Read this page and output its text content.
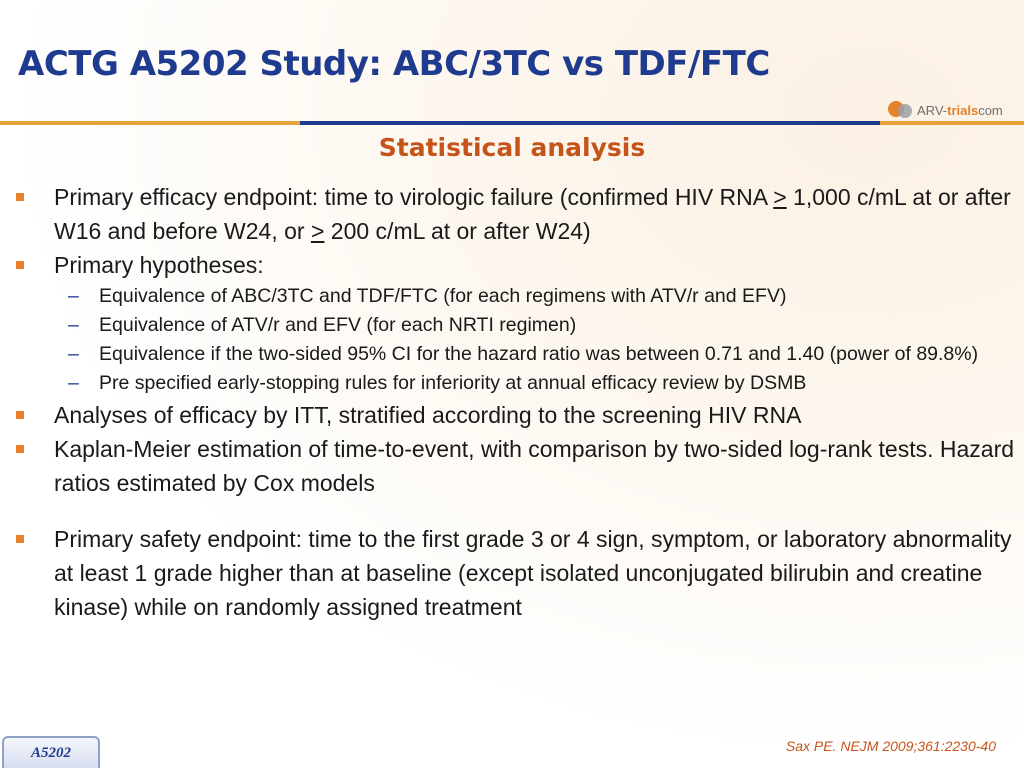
ACTG A5202 Study: ABC/3TC vs TDF/FTC
ARV-trialscom
Statistical analysis
Primary efficacy endpoint: time to virologic failure (confirmed HIV RNA > 1,000 c/mL at or after W16 and before W24, or > 200 c/mL at or after W24)
Primary hypotheses:
– Equivalence of ABC/3TC and TDF/FTC (for each regimens with ATV/r and EFV)
– Equivalence of ATV/r and EFV (for each NRTI regimen)
– Equivalence if the two-sided 95% CI for the hazard ratio was between 0.71 and 1.40 (power of 89.8%)
– Pre specified early-stopping rules for inferiority at annual efficacy review by DSMB
Analyses of efficacy by ITT, stratified according to the screening HIV RNA
Kaplan-Meier estimation of time-to-event, with comparison by two-sided log-rank tests. Hazard ratios estimated by Cox models
Primary safety endpoint: time to the first grade 3 or 4 sign, symptom, or laboratory abnormality at least 1 grade higher than at baseline (except isolated unconjugated bilirubin and creatine kinase) while on randomly assigned treatment
Sax PE. NEJM 2009;361:2230-40
A5202
